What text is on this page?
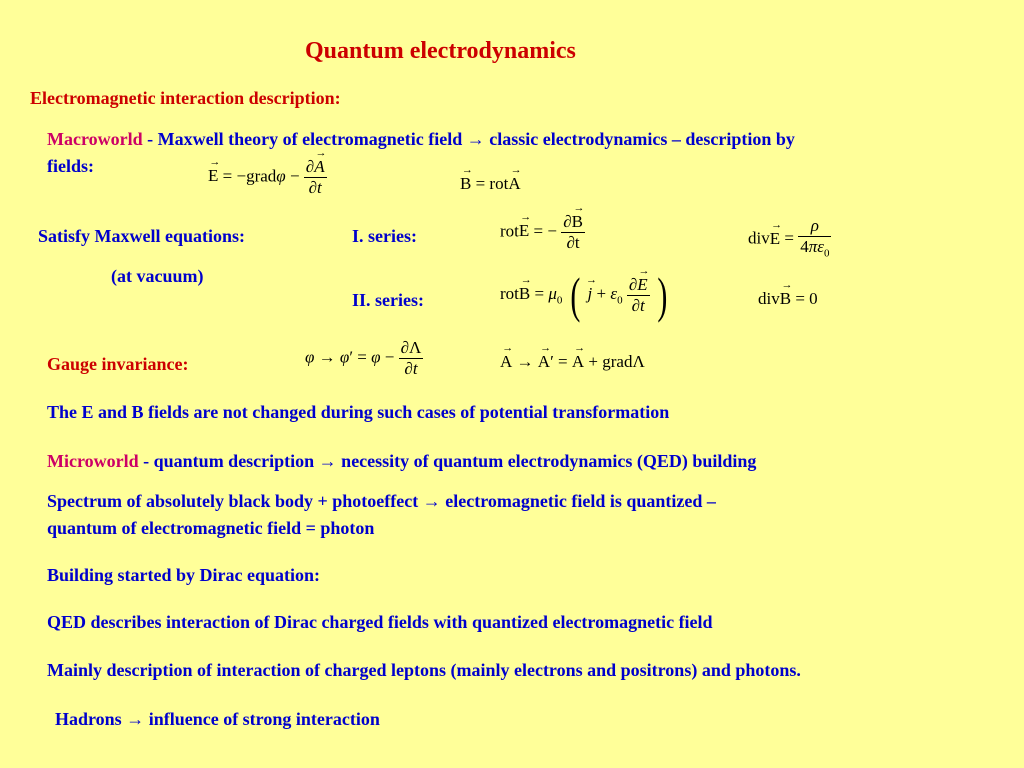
Quantum electrodynamics
Electromagnetic interaction description:
Macroworld - Maxwell theory of electromagnetic field → classic electrodynamics – description by
fields:	→ E = −gradφ − $\frac{\partial\to A}{\partial t}$	→ B = rot→ A
Satisfy Maxwell equations:	I. series:
(at vacuum)
II. series:
rot→ E = − $\frac{\partial\to B}{\partial t}$	$div\to E = \frac{\rho}{4\pi\varepsilon_0}$
$rot\to B = \mu_0$ ( → $j + \varepsilon_0 \frac{\partial\to E}{\partial t}$ )	div→ B = 0
Gauge invariance:	$\varphi \to \varphi' = \varphi - \frac{\partial\Lambda}{\partial t}$	→ A → → A′ = → A + gradΛ
The E and B fields are not changed during such cases of potential transformation
Microworld - quantum description → necessity of quantum electrodynamics (QED) building
Spectrum of absolutely black body + photoeffect → electromagnetic field is quantized –
quantum of electromagnetic field = photon
Building started by Dirac equation:
QED describes interaction of Dirac charged fields with quantized electromagnetic field
Mainly description of interaction of charged leptons (mainly electrons and positrons) and photons.
Hadrons → influence of strong interaction
